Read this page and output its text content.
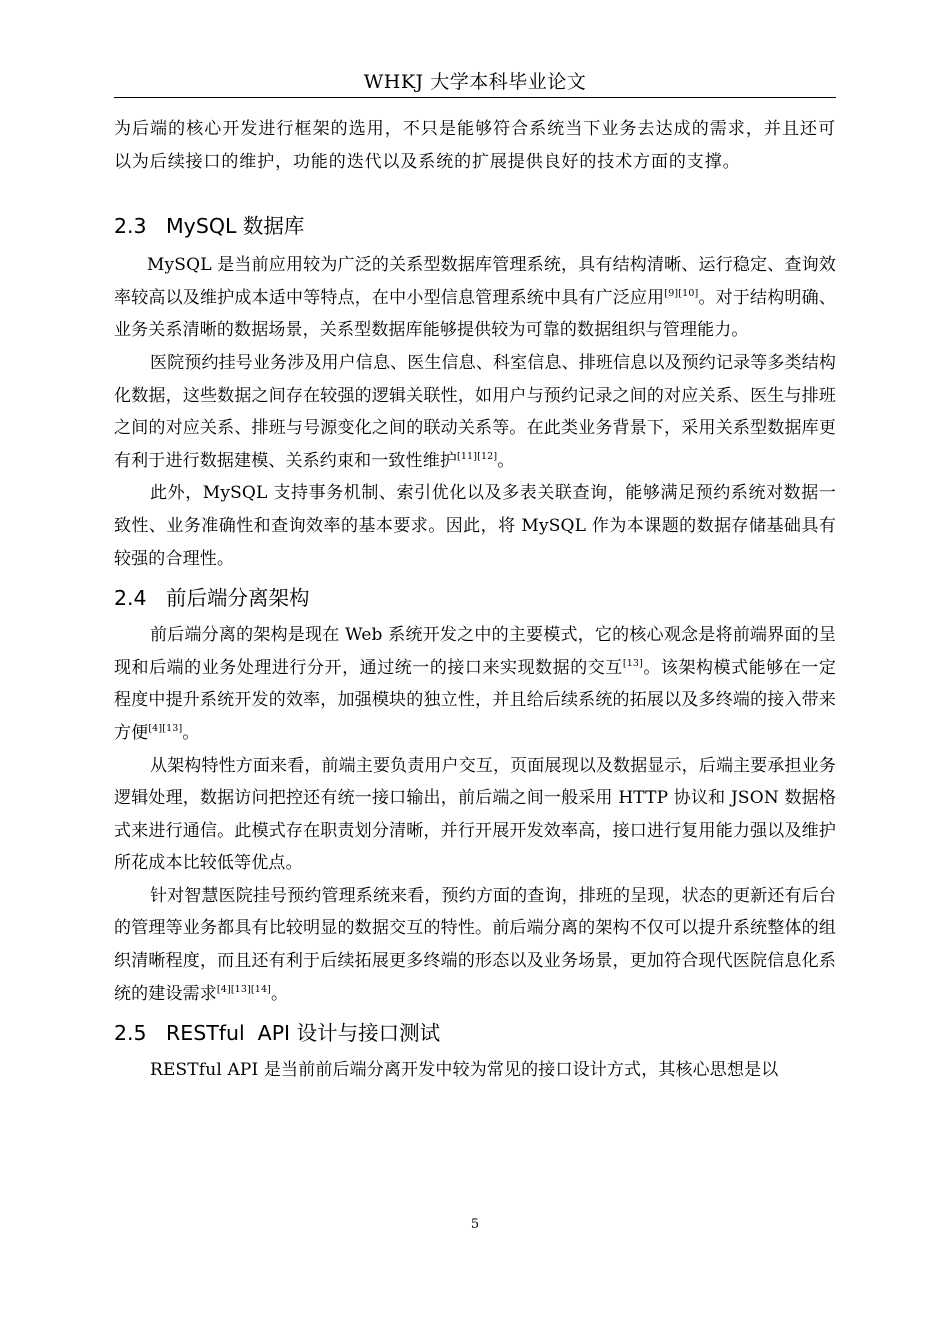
WHKJ 大学本科毕业论文

为后端的核心开发进行框架的选用，不只是能够符合系统当下业务去达成的需求，并且还可以为后续接口的维护，功能的迭代以及系统的扩展提供良好的技术方面的支撑。

2.3 MySQL 数据库

MySQL 是当前应用较为广泛的关系型数据库管理系统，具有结构清晰、运行稳定、查询效率较高以及维护成本适中等特点，在中小型信息管理系统中具有广泛应用[9][10]。对于结构明确、业务关系清晰的数据场景，关系型数据库能够提供较为可靠的数据组织与管理能力。

医院预约挂号业务涉及用户信息、医生信息、科室信息、排班信息以及预约记录等多类结构化数据，这些数据之间存在较强的逻辑关联性，如用户与预约记录之间的对应关系、医生与排班之间的对应关系、排班与号源变化之间的联动关系等。在此类业务背景下，采用关系型数据库更有利于进行数据建模、关系约束和一致性维护[11][12]。

此外，MySQL 支持事务机制、索引优化以及多表关联查询，能够满足预约系统对数据一致性、业务准确性和查询效率的基本要求。因此，将 MySQL 作为本课题的数据存储基础具有较强的合理性。

2.4 前后端分离架构

前后端分离的架构是现在 Web 系统开发之中的主要模式，它的核心观念是将前端界面的呈现和后端的业务处理进行分开，通过统一的接口来实现数据的交互[13]。该架构模式能够在一定程度中提升系统开发的效率，加强模块的独立性，并且给后续系统的拓展以及多终端的接入带来方便[4][13]。

从架构特性方面来看，前端主要负责用户交互，页面展现以及数据显示，后端主要承担业务逻辑处理，数据访问把控还有统一接口输出，前后端之间一般采用 HTTP 协议和 JSON 数据格式来进行通信。此模式存在职责划分清晰，并行开展开发效率高，接口进行复用能力强以及维护所花成本比较低等优点。

针对智慧医院挂号预约管理系统来看，预约方面的查询，排班的呈现，状态的更新还有后台的管理等业务都具有比较明显的数据交互的特性。前后端分离的架构不仅可以提升系统整体的组织清晰程度，而且还有利于后续拓展更多终端的形态以及业务场景，更加符合现代医院信息化系统的建设需求[4][13][14]。

2.5 RESTful  API 设计与接口测试

RESTful API 是当前前后端分离开发中较为常见的接口设计方式，其核心思想是以

5
